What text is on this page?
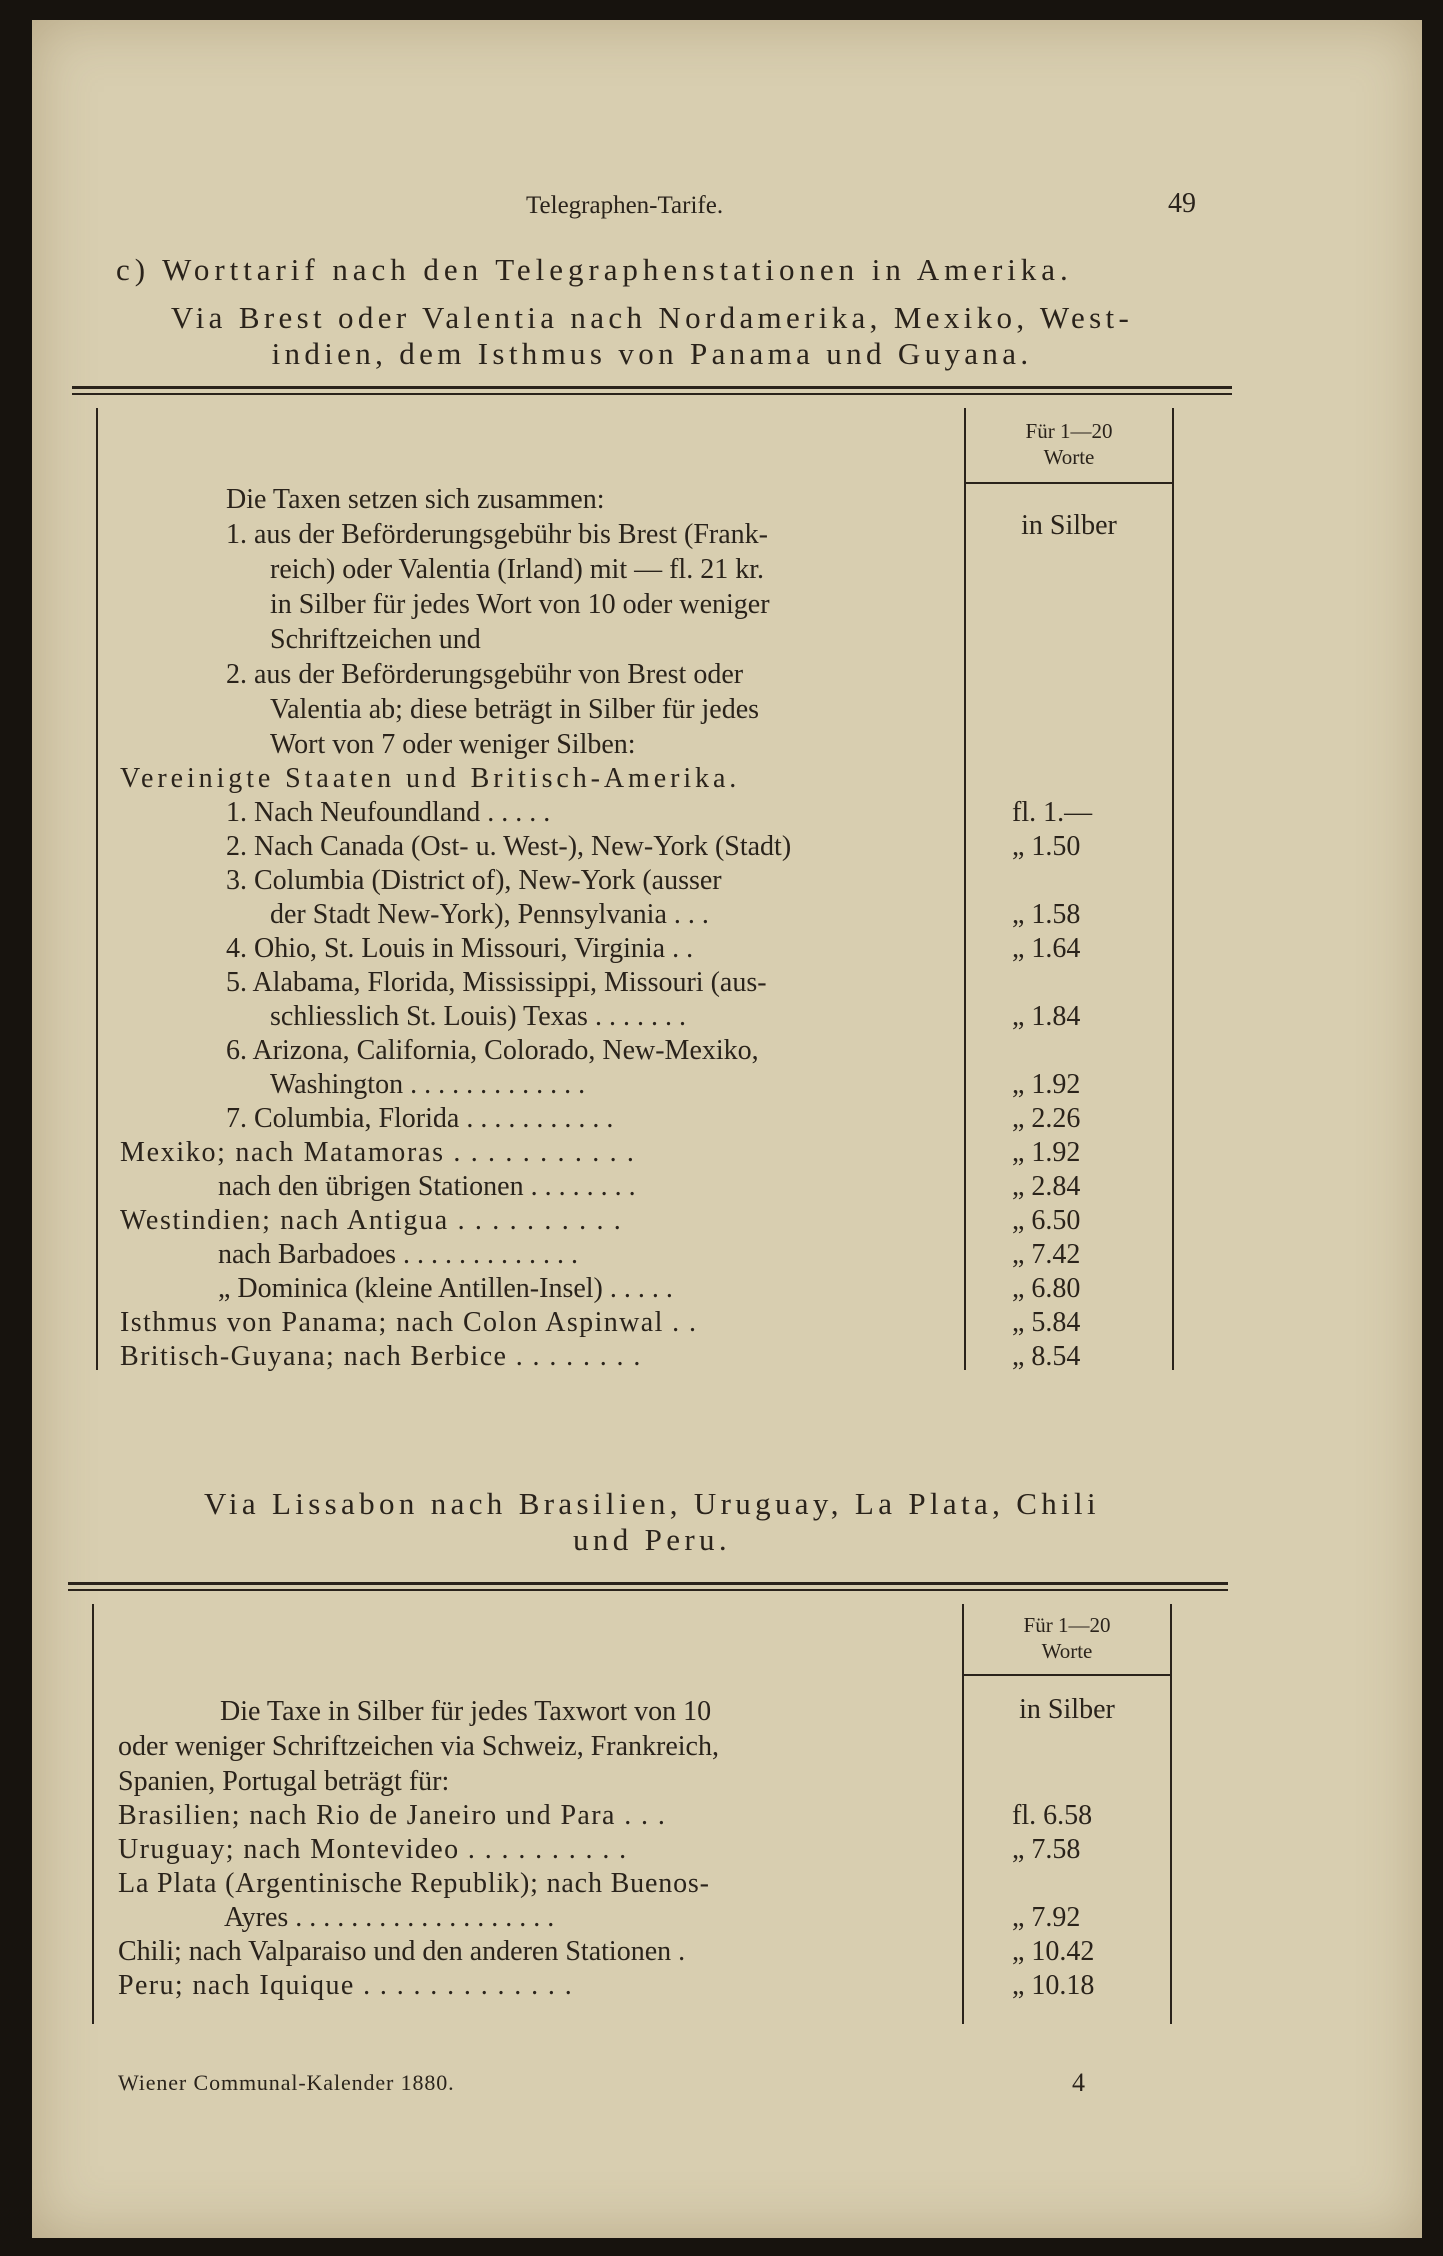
Telegraphen-Tarife.	49
c) Worttarif nach den Telegraphenstationen in Amerika.
Via Brest oder Valentia nach Nordamerika, Mexiko, West-
indien, dem Isthmus von Panama und Guyana.
Für 1—20
Worte
in Silber
Die Taxen setzen sich zusammen:
1. aus der Beförderungsgebühr bis Brest (Frank-
reich) oder Valentia (Irland) mit — fl. 21 kr.
in Silber für jedes Wort von 10 oder weniger
Schriftzeichen und
2. aus der Beförderungsgebühr von Brest oder
Valentia ab; diese beträgt in Silber für jedes
Wort von 7 oder weniger Silben:
Vereinigte Staaten und Britisch-Amerika.
1. Nach Neufoundland . . . . .	fl. 1.—
2. Nach Canada (Ost- u. West-), New-York (Stadt)	„ 1.50
3. Columbia (District of), New-York (ausser
der Stadt New-York), Pennsylvania . . .	„ 1.58
4. Ohio, St. Louis in Missouri, Virginia . .	„ 1.64
5. Alabama, Florida, Mississippi, Missouri (aus-
schliesslich St. Louis) Texas . . . . . . .	„ 1.84
6. Arizona, California, Colorado, New-Mexiko,
Washington . . . . . . . . . . . . .	„ 1.92
7. Columbia, Florida . . . . . . . . . . .	„ 2.26
Mexiko; nach Matamoras . . . . . . . . . . .	„ 1.92
nach den übrigen Stationen . . . . . . . .	„ 2.84
Westindien; nach Antigua . . . . . . . . . .	„ 6.50
nach Barbadoes . . . . . . . . . . . . .	„ 7.42
„ Dominica (kleine Antillen-Insel) . . . . .	„ 6.80
Isthmus von Panama; nach Colon Aspinwal . .	„ 5.84
Britisch-Guyana; nach Berbice . . . . . . . .	„ 8.54
Via Lissabon nach Brasilien, Uruguay, La Plata, Chili
und Peru.
Für 1—20
Worte
in Silber
Die Taxe in Silber für jedes Taxwort von 10
oder weniger Schriftzeichen via Schweiz, Frankreich,
Spanien, Portugal beträgt für:
Brasilien; nach Rio de Janeiro und Para . . .	fl. 6.58
Uruguay; nach Montevideo . . . . . . . . . .	„ 7.58
La Plata (Argentinische Republik); nach Buenos-
Ayres . . . . . . . . . . . . . . . . . . .	„ 7.92
Chili; nach Valparaiso und den anderen Stationen .	„ 10.42
Peru; nach Iquique . . . . . . . . . . . . .	„ 10.18
Wiener Communal-Kalender 1880.	4
